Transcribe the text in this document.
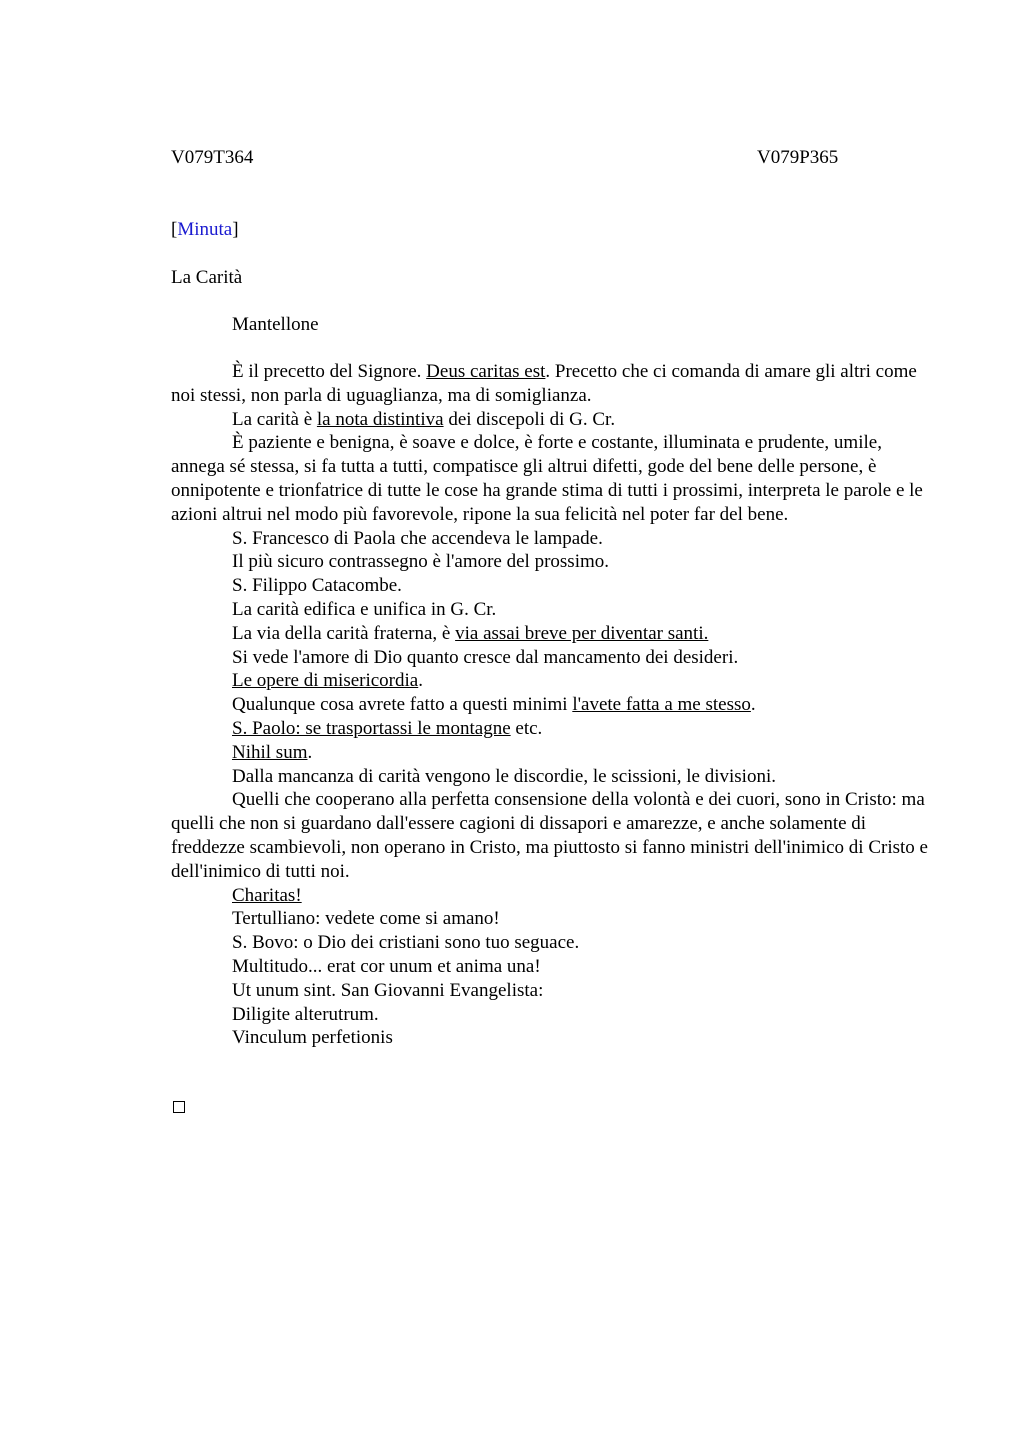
V079T364	V079P365
[Minuta]
La Carità
Mantellone

È il precetto del Signore. Deus caritas est. Precetto che ci comanda di amare gli altri come noi stessi, non parla di uguaglianza, ma di somiglianza.

La carità è la nota distintiva dei discepoli di G. Cr.

È paziente e benigna, è soave e dolce, è forte e costante, illuminata e prudente, umile, annega sé stessa, si fa tutta a tutti, compatisce gli altrui difetti, gode del bene delle persone, è onnipotente e trionfatrice di tutte le cose ha grande stima di tutti i prossimi, interpreta le parole e le azioni altrui nel modo più favorevole, ripone la sua felicità nel poter far del bene.

S. Francesco di Paola che accendeva le lampade.

Il più sicuro contrassegno è l'amore del prossimo.

S. Filippo Catacombe.

La carità edifica e unifica in G. Cr.

La via della carità fraterna, è via assai breve per diventar santi.

Si vede l'amore di Dio quanto cresce dal mancamento dei desideri.

Le opere di misericordia.

Qualunque cosa avrete fatto a questi minimi l'avete fatta a me stesso.

S. Paolo: se trasportassi le montagne etc.

Nihil sum.

Dalla mancanza di carità vengono le discordie, le scissioni, le divisioni.

Quelli che cooperano alla perfetta consensione della volontà e dei cuori, sono in Cristo: ma quelli che non si guardano dall'essere cagioni di dissapori e amarezze, e anche solamente di freddezze scambievoli, non operano in Cristo, ma piuttosto si fanno ministri dell'inimico di Cristo e dell'inimico di tutti noi.

Charitas!

Tertulliano: vedete come si amano!

S. Bovo: o Dio dei cristiani sono tuo seguace.

Multitudo... erat cor unum et anima una!

Ut unum sint. San Giovanni Evangelista:

Diligite alterutrum.

Vinculum perfetionis
